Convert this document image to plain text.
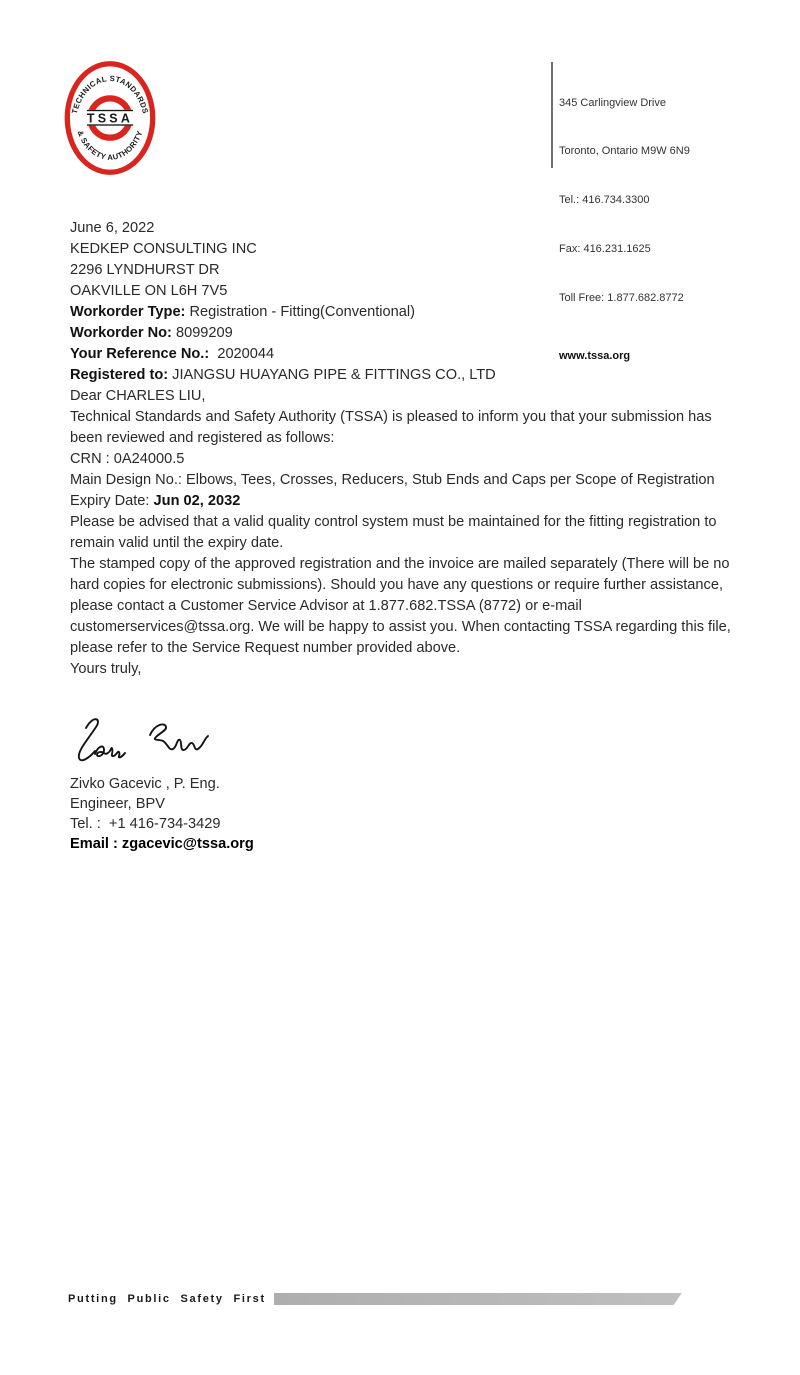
TECHNICAL STANDARDS
& SAFETY AUTHORITY
TSSA

345 Carlingview Drive

Toronto, Ontario M9W 6N9

Tel.: 416.734.3300

Fax: 416.231.1625

Toll Free: 1.877.682.8772

www.tssa.org

June 6, 2022

KEDKEP CONSULTING INC
2296 LYNDHURST DR
OAKVILLE ON L6H 7V5
Workorder Type: Registration - Fitting(Conventional)
Workorder No: 8099209
Your Reference No.:  2020044
Registered to: JIANGSU HUAYANG PIPE & FITTINGS CO., LTD

Dear CHARLES LIU,

Technical Standards and Safety Authority (TSSA) is pleased to inform you that your submission has been reviewed and registered as follows:

CRN : 0A24000.5
Main Design No.: Elbows, Tees, Crosses, Reducers, Stub Ends and Caps per Scope of Registration
Expiry Date: Jun 02, 2032

Please be advised that a valid quality control system must be maintained for the fitting registration to remain valid until the expiry date.

The stamped copy of the approved registration and the invoice are mailed separately (There will be no hard copies for electronic submissions). Should you have any questions or require further assistance, please contact a Customer Service Advisor at 1.877.682.TSSA (8772) or e-mail customerservices@tssa.org. We will be happy to assist you. When contacting TSSA regarding this file, please refer to the Service Request number provided above.

Yours truly,

Zivko Gacevic , P. Eng.
Engineer, BPV
Tel. :  +1 416-734-3429
Email : zgacevic@tssa.org
Putting Public Safety First
